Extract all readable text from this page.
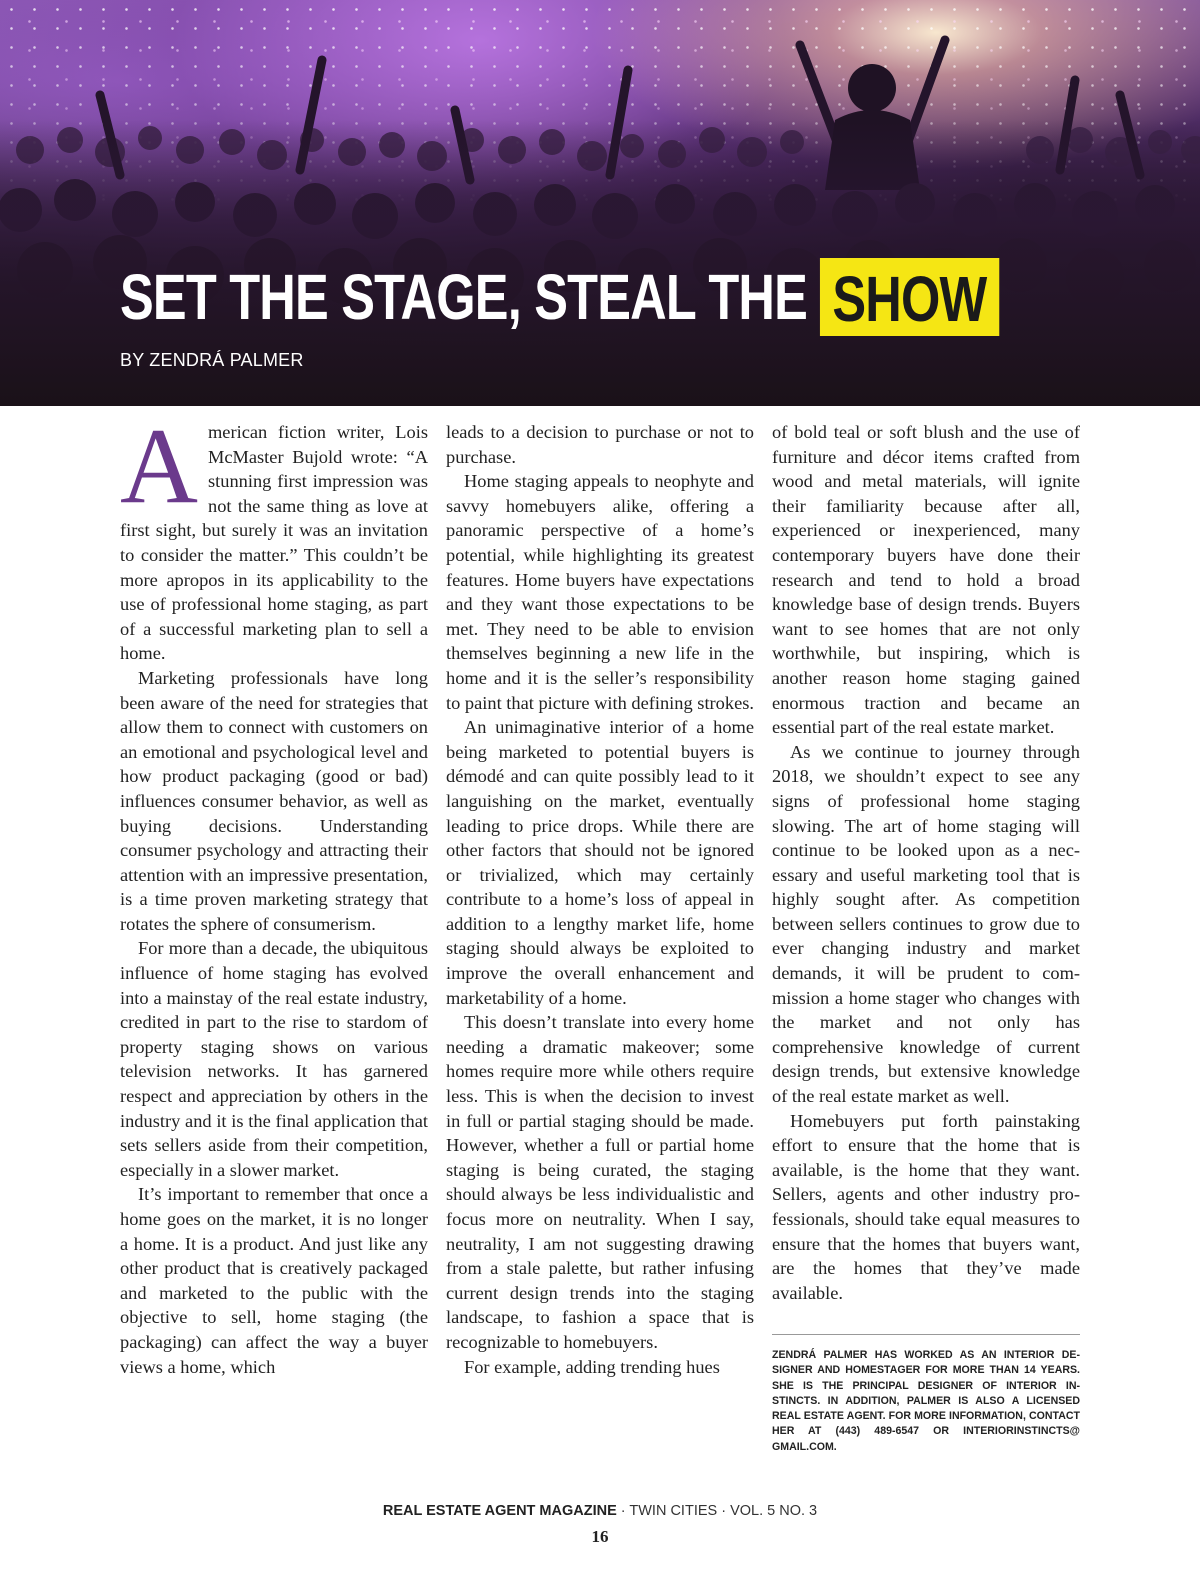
SET THE STAGE, STEAL THE SHOW
BY ZENDRÁ PALMER

American fiction writer, Lois McMaster Bujold wrote: “A stunning first impression was not the same thing as love at first sight, but surely it was an invitation to consider the matter.” This couldn’t be more apropos in its applicability to the use of professional home staging, as part of a successful marketing plan to sell a home.

Marketing professionals have long been aware of the need for strategies that allow them to connect with customers on an emotional and psychological level and how product packaging (good or bad) influences consumer behavior, as well as buying decisions. Understanding consumer psychology and attracting their attention with an impressive presentation, is a time proven marketing strategy that rotates the sphere of consumerism.

For more than a decade, the ubiquitous influence of home staging has evolved into a mainstay of the real estate industry, credited in part to the rise to stardom of property staging shows on various television networks. It has garnered respect and appreciation by others in the industry and it is the final application that sets sellers aside from their competition, especially in a slower market.

It’s important to remember that once a home goes on the market, it is no longer a home. It is a product. And just like any other product that is creatively packaged and marketed to the public with the objective to sell, home staging (the packaging) can affect the way a buyer views a home, which

leads to a decision to purchase or not to purchase.

Home staging appeals to neophyte and savvy homebuyers alike, offering a panoramic perspective of a home’s potential, while highlighting its greatest features. Home buyers have expectations and they want those expectations to be met. They need to be able to envision themselves beginning a new life in the home and it is the seller’s responsibility to paint that picture with defining strokes.

An unimaginative interior of a home being marketed to potential buyers is démodé and can quite possibly lead to it languishing on the market, eventually leading to price drops. While there are other factors that should not be ignored or trivialized, which may certainly contribute to a home’s loss of appeal in addition to a lengthy market life, home staging should always be exploited to improve the overall enhancement and marketability of a home.

This doesn’t translate into every home needing a dramatic makeover; some homes require more while others require less. This is when the decision to invest in full or partial staging should be made. However, whether a full or partial home staging is being curated, the staging should always be less individualistic and focus more on neutrality. When I say, neutrality, I am not suggesting drawing from a stale palette, but rather infusing current design trends into the staging landscape, to fashion a space that is recognizable to homebuyers.

For example, adding trending hues

of bold teal or soft blush and the use of furniture and décor items crafted from wood and metal materials, will ignite their familiarity because after all, experienced or inexperienced, many contemporary buyers have done their research and tend to hold a broad knowledge base of design trends. Buyers want to see homes that are not only worthwhile, but inspiring, which is another reason home staging gained enormous traction and became an essential part of the real estate market.

As we continue to journey through 2018, we shouldn’t expect to see any signs of professional home staging slowing. The art of home staging will continue to be looked upon as a necessary and useful marketing tool that is highly sought after. As competition between sellers continues to grow due to ever changing industry and market demands, it will be prudent to commission a home stager who changes with the market and not only has comprehensive knowledge of current design trends, but extensive knowledge of the real estate market as well.

Homebuyers put forth painstaking effort to ensure that the home that is available, is the home that they want. Sellers, agents and other industry professionals, should take equal measures to ensure that the homes that buyers want, are the homes that they’ve made available.

ZENDRÁ PALMER HAS WORKED AS AN INTERIOR DESIGNER AND HOMESTAGER FOR MORE THAN 14 YEARS. SHE IS THE PRINCIPAL DESIGNER OF INTERIOR INSTINCTS. IN ADDITION, PALMER IS ALSO A LICENSED REAL ESTATE AGENT. FOR MORE INFORMATION, CONTACT HER AT (443) 489-6547 OR INTERIORINSTINCTS@ GMAIL.COM.
REAL ESTATE AGENT MAGAZINE · TWIN CITIES · VOL. 5 NO. 3
16
